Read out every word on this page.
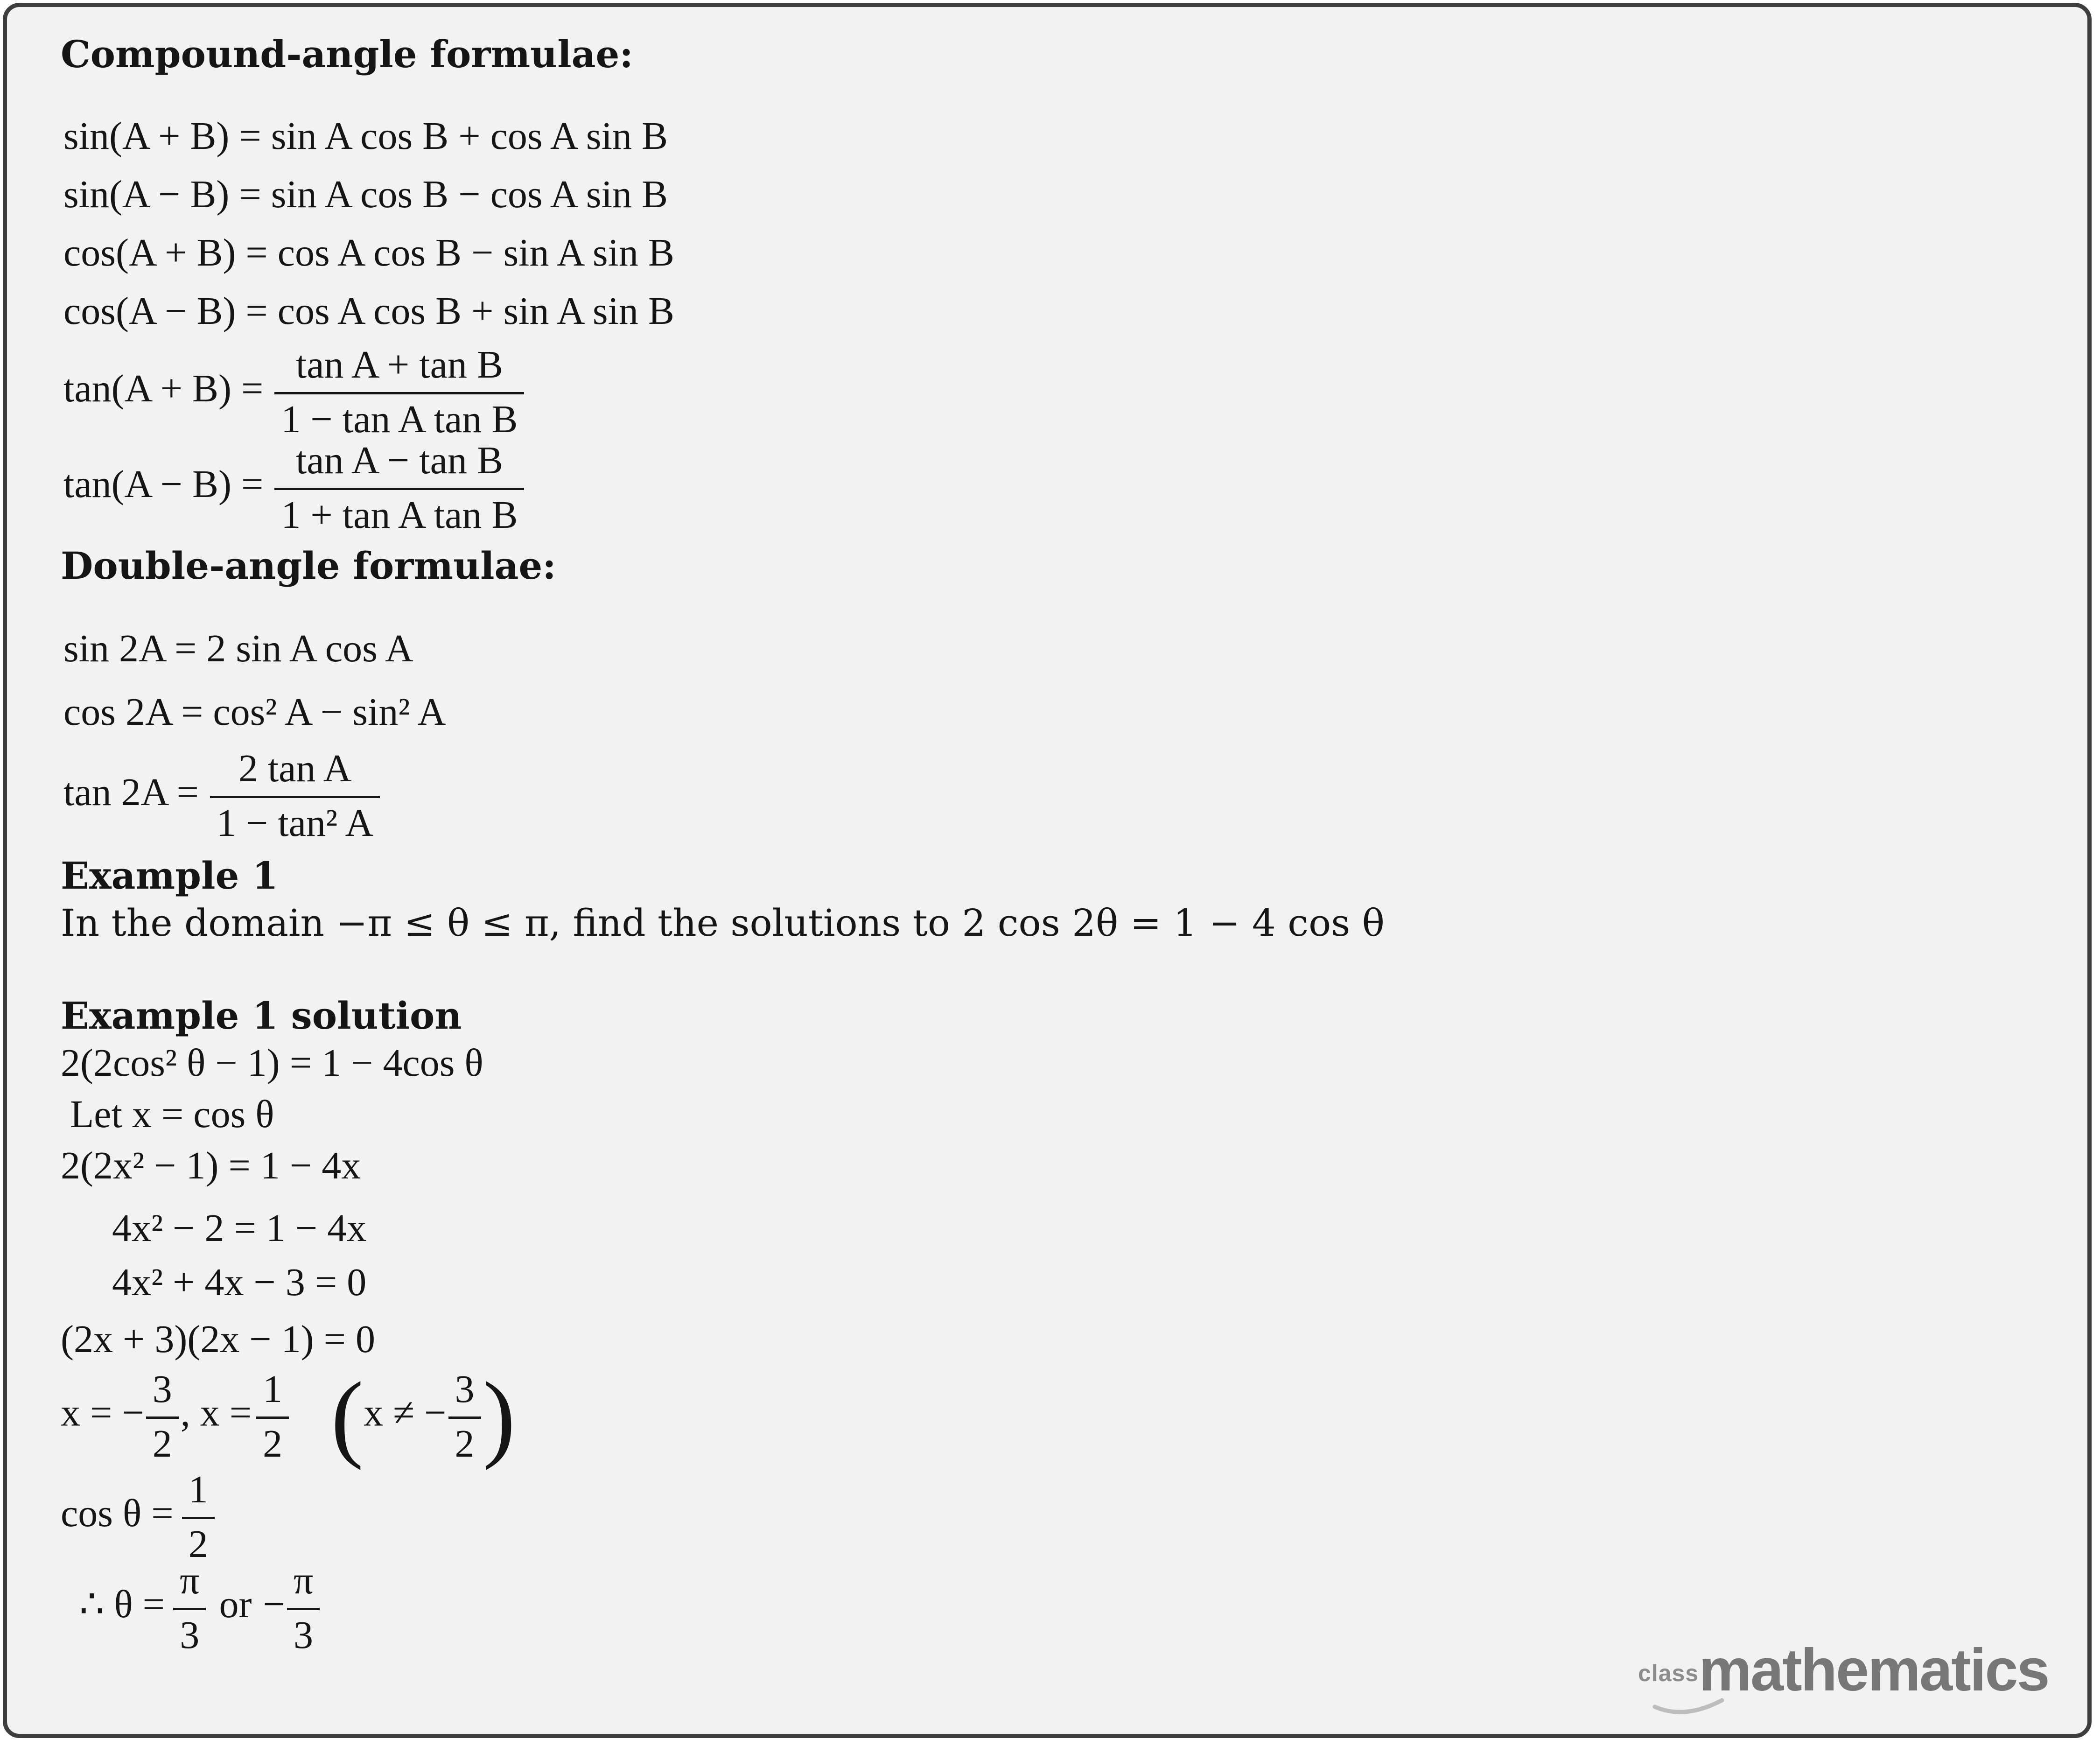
Compound-angle formulae:
sin(A + B) = sin A cos B + cos A sin B
sin(A − B) = sin A cos B − cos A sin B
cos(A + B) = cos A cos B − sin A sin B
cos(A − B) = cos A cos B + sin A sin B
$\tan(A + B) = \frac{\text{tan A + tan B}}{\text{1 − tan A tan B}}$
$\tan(A - B) = \frac{\text{tan A − tan B}}{\text{1 + tan A tan B}}$
Double-angle formulae:
sin 2A = 2 sin A cos A
cos 2A = cos² A − sin² A
$\tan 2A = \frac{\text{2 tan A}}{\text{1 − tan² A}}$
Example 1
In the domain −π ≤ θ ≤ π, find the solutions to 2 cos 2θ = 1 − 4 cos θ
Example 1 solution
2(2cos² θ − 1) = 1 − 4cos θ
Let x = cos θ
2(2x² − 1) = 1 − 4x
4x² − 2 = 1 − 4x
4x² + 4x − 3 = 0
(2x + 3)(2x − 1) = 0
x = − $\frac{3}{2}$ , $x = \frac{1}{2} (x$ ≠ − $\frac{3}{2}$ )
$\cos \theta = \frac{1}{2}$
∴ $\theta = \frac{\pi}{3}$ or − $\frac{\pi}{3}$
classmathematics
